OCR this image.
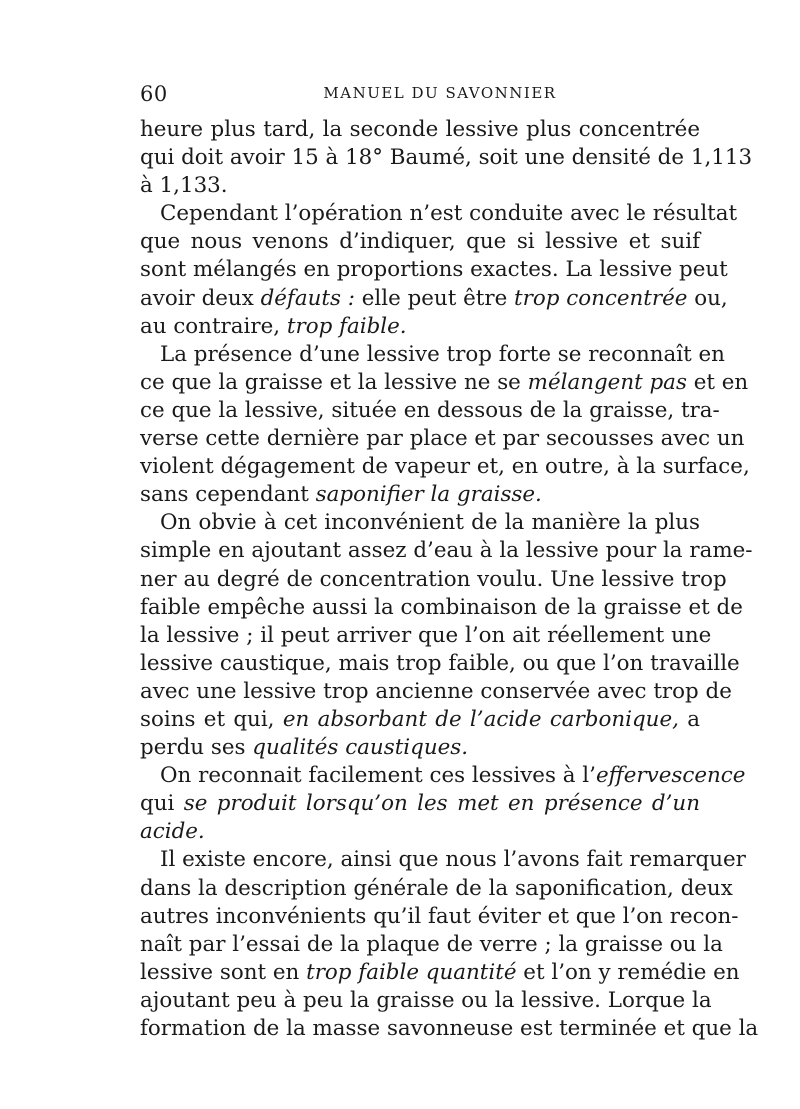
60	MANUEL DU SAVONNIER
heure plus tard, la seconde lessive plus concentrée
qui doit avoir 15 à 18° Baumé, soit une densité de 1,113
à 1,133.
Cependant l’opération n’est conduite avec le résultat
que nous venons d’indiquer, que si lessive et suif
sont mélangés en proportions exactes. La lessive peut
avoir deux défauts : elle peut être trop concentrée ou,
au contraire, trop faible.
La présence d’une lessive trop forte se reconnaît en
ce que la graisse et la lessive ne se mélangent pas et en
ce que la lessive, située en dessous de la graisse, tra-
verse cette dernière par place et par secousses avec un
violent dégagement de vapeur et, en outre, à la surface,
sans cependant saponifier la graisse.
On obvie à cet inconvénient de la manière la plus
simple en ajoutant assez d’eau à la lessive pour la rame-
ner au degré de concentration voulu. Une lessive trop
faible empêche aussi la combinaison de la graisse et de
la lessive ; il peut arriver que l’on ait réellement une
lessive caustique, mais trop faible, ou que l’on travaille
avec une lessive trop ancienne conservée avec trop de
soins et qui, en absorbant de l’acide carbonique, a
perdu ses qualités caustiques.
On reconnait facilement ces lessives à l’effervescence
qui se produit lorsqu’on les met en présence d’un
acide.
Il existe encore, ainsi que nous l’avons fait remarquer
dans la description générale de la saponification, deux
autres inconvénients qu’il faut éviter et que l’on recon-
naît par l’essai de la plaque de verre ; la graisse ou la
lessive sont en trop faible quantité et l’on y remédie en
ajoutant peu à peu la graisse ou la lessive. Lorque la
formation de la masse savonneuse est terminée et que la
